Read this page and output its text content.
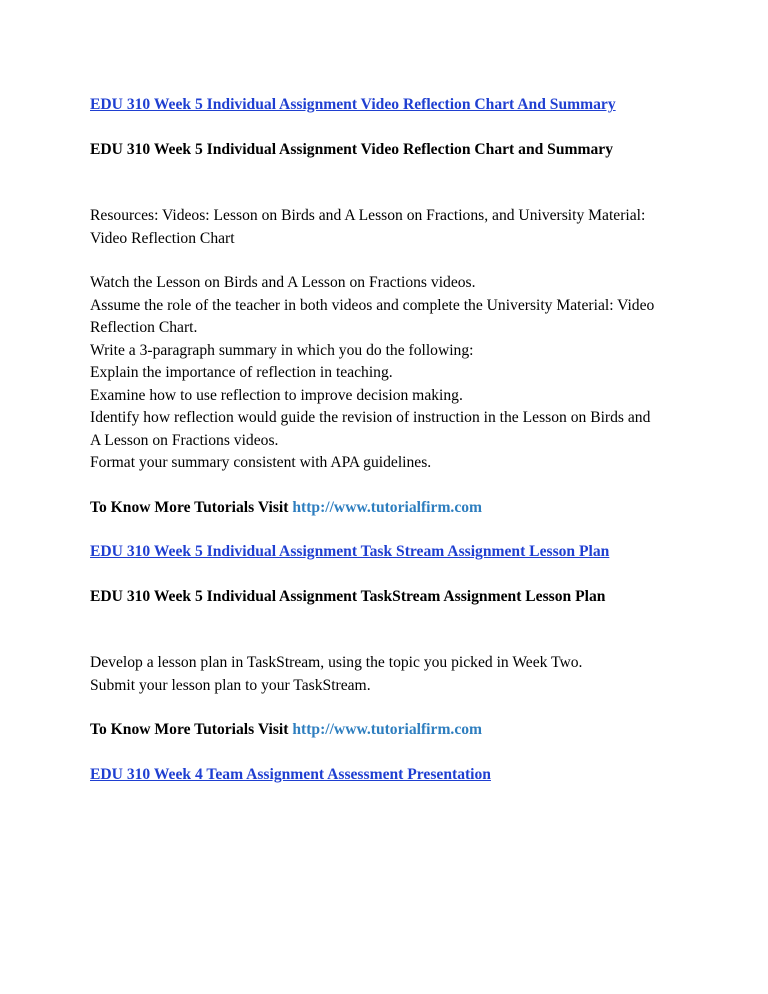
EDU 310 Week 5 Individual Assignment Video Reflection Chart And Summary
EDU 310 Week 5 Individual Assignment Video Reflection Chart and Summary
Resources: Videos: Lesson on Birds and A Lesson on Fractions, and University Material: Video Reflection Chart
Watch the Lesson on Birds and A Lesson on Fractions videos.
Assume the role of the teacher in both videos and complete the University Material: Video Reflection Chart.
Write a 3-paragraph summary in which you do the following:
Explain the importance of reflection in teaching.
Examine how to use reflection to improve decision making.
Identify how reflection would guide the revision of instruction in the Lesson on Birds and A Lesson on Fractions videos.
Format your summary consistent with APA guidelines.
To Know More Tutorials Visit http://www.tutorialfirm.com
EDU 310 Week 5 Individual Assignment Task Stream Assignment Lesson Plan
EDU 310 Week 5 Individual Assignment TaskStream Assignment Lesson Plan
Develop a lesson plan in TaskStream, using the topic you picked in Week Two.
Submit your lesson plan to your TaskStream.
To Know More Tutorials Visit http://www.tutorialfirm.com
EDU 310 Week 4 Team Assignment Assessment Presentation
